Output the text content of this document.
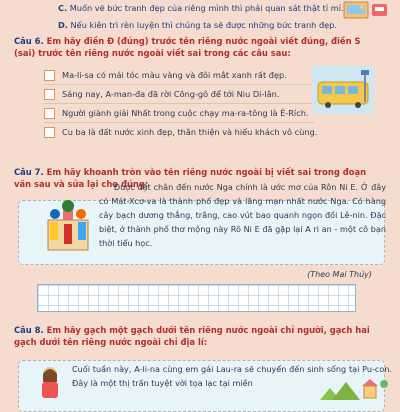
C. Muốn vẽ bức tranh đẹp của riêng mình thì phải quan sát thật tỉ mỉ.
D. Nếu kiên trì rèn luyện thì chúng ta sẽ được những bức tranh đẹp.
Câu 6. Em hãy điền Đ (đúng) trước tên riêng nước ngoài viết đúng, điền S (sai) trước tên riêng nước ngoài viết sai trong các câu sau:
Ma-li-sa có mái tóc màu vàng và đôi mắt xanh rất đẹp.
Sáng nay, A-man-đa đã rời Công-gô để tới Niu Di-lân.
Người giành giải Nhất trong cuộc chạy ma-ra-tông là Ê-Rích.
Cu ba là đất nước xinh đẹp, thân thiện và hiếu khách vô cùng.
Câu 7. Em hãy khoanh tròn vào tên riêng nước ngoài bị viết sai trong đoạn văn sau và sửa lại cho đúng:
Được đặt chân đến nước Nga chính là ước mơ của Rôn Ni E. Ở đây có Mát-Xcơ-va là thành phố đẹp và lãng mạn nhất nước Nga. Có hàng cây bạch dương thẳng, trắng, cao vút bao quanh ngọn đồi Lê-nin. Đặc biệt, ở thành phố thơ mộng này Rô Ni E đã gặp lại A ri an - một cô bạn thời tiểu học.
(Theo Mai Thủy)
Câu 8. Em hãy gạch một gạch dưới tên riêng nước ngoài chỉ người, gạch hai gạch dưới tên riêng nước ngoài chỉ địa lí:
Cuối tuần này, A-li-na cùng em gái Lau-ra sẽ chuyển đến sinh sống tại Pu-con. Đây là một thị trấn tuyệt vời tọa lạc tại miền
